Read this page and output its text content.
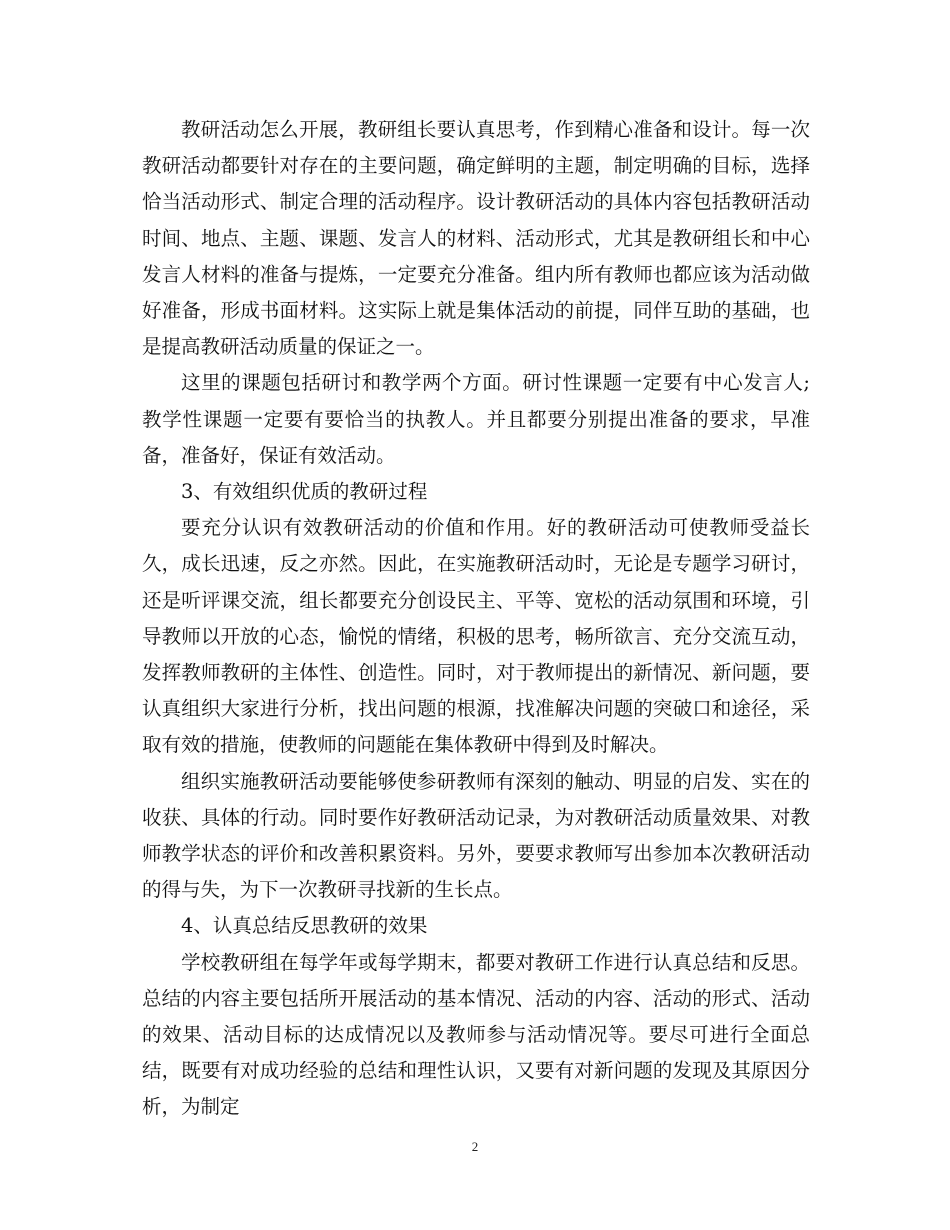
教研活动怎么开展，教研组长要认真思考，作到精心准备和设计。每一次教研活动都要针对存在的主要问题，确定鲜明的主题，制定明确的目标，选择恰当活动形式、制定合理的活动程序。设计教研活动的具体内容包括教研活动时间、地点、主题、课题、发言人的材料、活动形式，尤其是教研组长和中心发言人材料的准备与提炼，一定要充分准备。组内所有教师也都应该为活动做好准备，形成书面材料。这实际上就是集体活动的前提，同伴互助的基础，也是提高教研活动质量的保证之一。

这里的课题包括研讨和教学两个方面。研讨性课题一定要有中心发言人;教学性课题一定要有要恰当的执教人。并且都要分别提出准备的要求，早准备，准备好，保证有效活动。

3、有效组织优质的教研过程

要充分认识有效教研活动的价值和作用。好的教研活动可使教师受益长久，成长迅速，反之亦然。因此，在实施教研活动时，无论是专题学习研讨，还是听评课交流，组长都要充分创设民主、平等、宽松的活动氛围和环境，引导教师以开放的心态，愉悦的情绪，积极的思考，畅所欲言、充分交流互动，发挥教师教研的主体性、创造性。同时，对于教师提出的新情况、新问题，要认真组织大家进行分析，找出问题的根源，找准解决问题的突破口和途径，采取有效的措施，使教师的问题能在集体教研中得到及时解决。

组织实施教研活动要能够使参研教师有深刻的触动、明显的启发、实在的收获、具体的行动。同时要作好教研活动记录，为对教研活动质量效果、对教师教学状态的评价和改善积累资料。另外，要要求教师写出参加本次教研活动的得与失，为下一次教研寻找新的生长点。

4、认真总结反思教研的效果

学校教研组在每学年或每学期末，都要对教研工作进行认真总结和反思。总结的内容主要包括所开展活动的基本情况、活动的内容、活动的形式、活动的效果、活动目标的达成情况以及教师参与活动情况等。要尽可进行全面总结，既要有对成功经验的总结和理性认识，又要有对新问题的发现及其原因分析，为制定

2
